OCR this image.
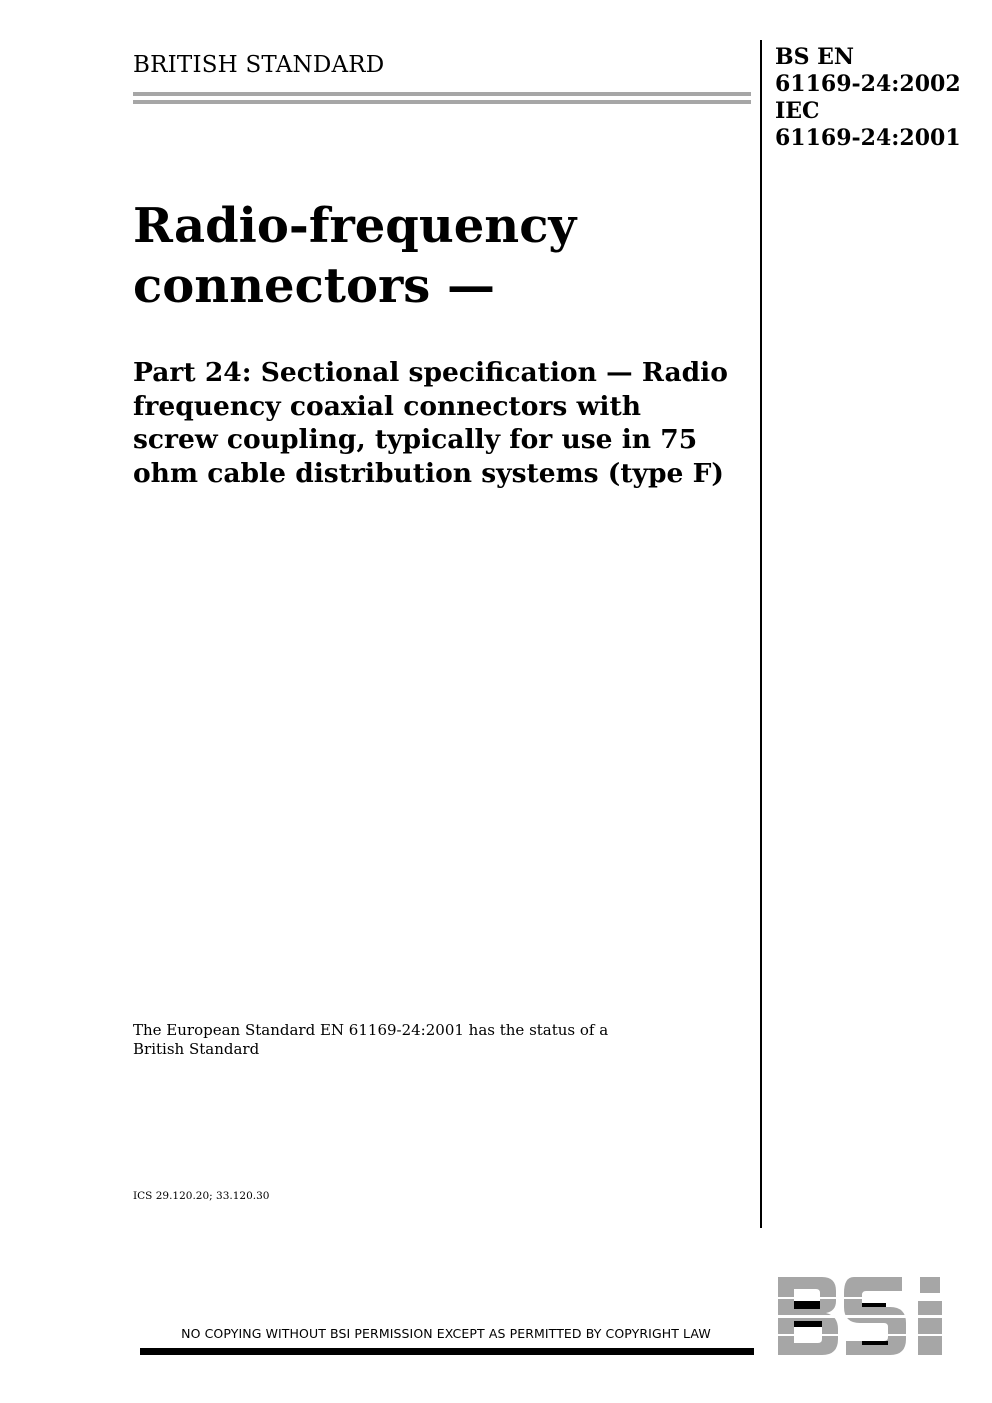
BRITISH STANDARD	BS EN
61169-24:2002
IEC
61169-24:2001
Radio-frequency
connectors —
Part 24: Sectional specification — Radio
frequency coaxial connectors with
screw coupling, typically for use in 75
ohm cable distribution systems (type F)
The European Standard EN 61169-24:2001 has the status of a
British Standard
ICS 29.120.20; 33.120.30
NO COPYING WITHOUT BSI PERMISSION EXCEPT AS PERMITTED BY COPYRIGHT LAW
